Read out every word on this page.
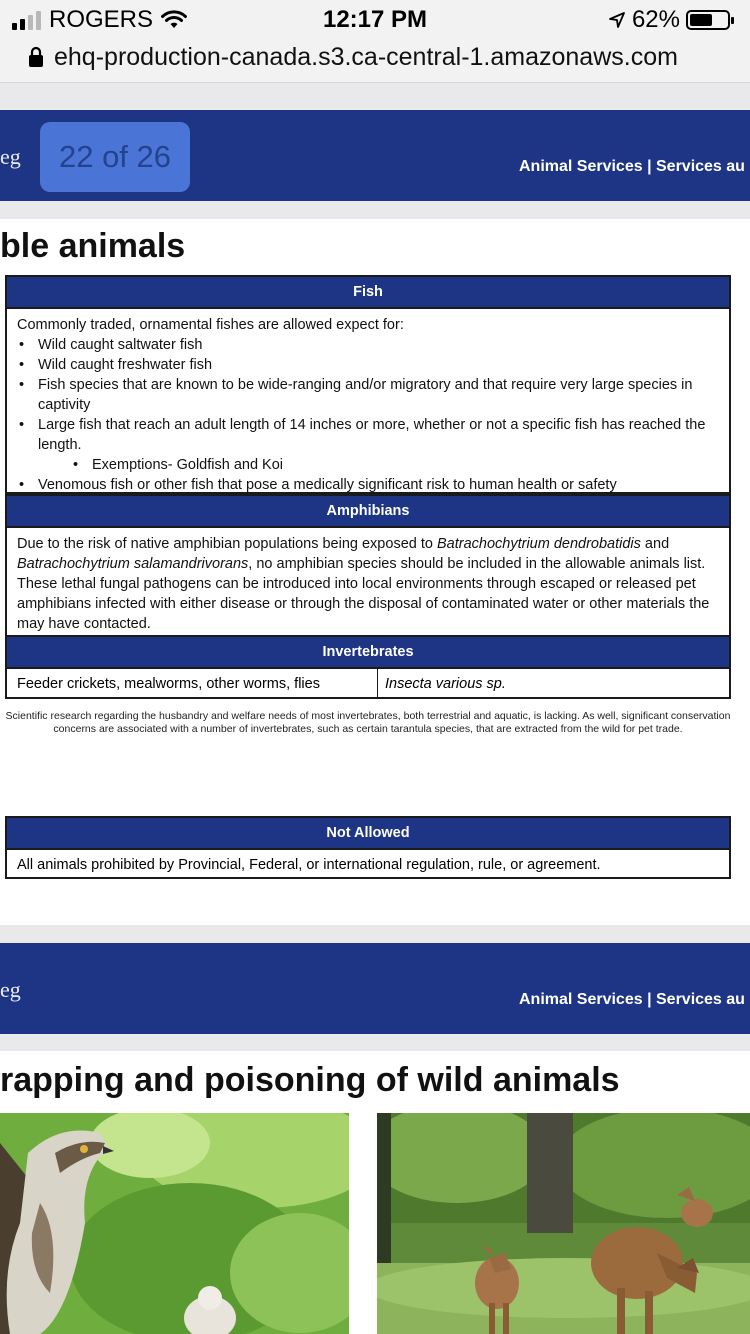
ROGERS	12:17 PM	62%
ehq-production-canada.s3.ca-central-1.amazonaws.com
eg	Animal Services | Services au
22 of 26
ble animals
Fish
Commonly traded, ornamental fishes are allowed expect for:
• Wild caught saltwater fish
• Wild caught freshwater fish
• Fish species that are known to be wide-ranging and/or migratory and that require very large species in captivity
• Large fish that reach an adult length of 14 inches or more, whether or not a specific fish has reached the length.
• Exemptions- Goldfish and Koi
• Venomous fish or other fish that pose a medically significant risk to human health or safety
Amphibians
Due to the risk of native amphibian populations being exposed to Batrachochytrium dendrobatidis and Batrachochytrium salamandrivorans, no amphibian species should be included in the allowable animals list. These lethal fungal pathogens can be introduced into local environments through escaped or released pet amphibians infected with either disease or through the disposal of contaminated water or other materials the may have contacted.
Invertebrates
Feeder crickets, mealworms, other worms, flies	Insecta various sp.
Scientific research regarding the husbandry and welfare needs of most invertebrates, both terrestrial and aquatic, is lacking. As well, significant conservation concerns are associated with a number of invertebrates, such as certain tarantula species, that are extracted from the wild for pet trade.
Not Allowed
All animals prohibited by Provincial, Federal, or international regulation, rule, or agreement.
eg	Animal Services | Services au
rapping and poisoning of wild animals
